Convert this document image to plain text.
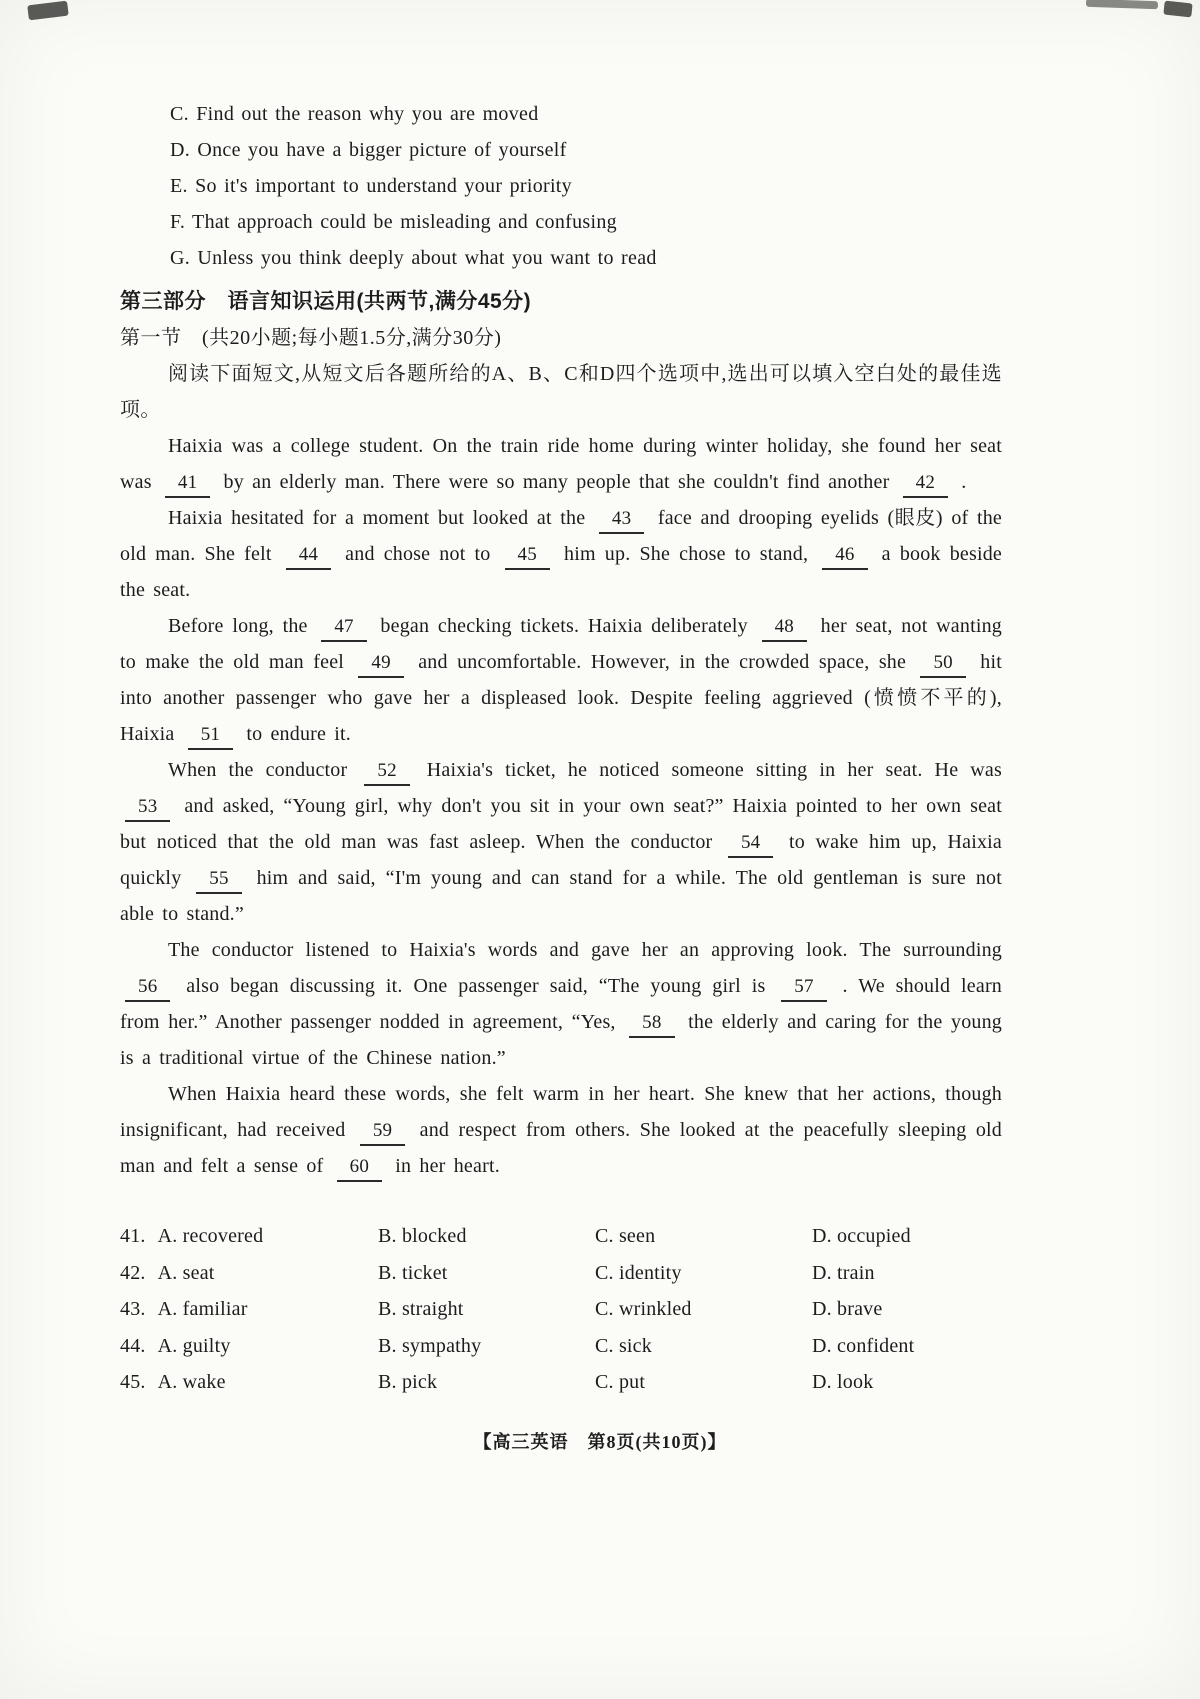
C. Find out the reason why you are moved
D. Once you have a bigger picture of yourself
E. So it's important to understand your priority
F. That approach could be misleading and confusing
G. Unless you think deeply about what you want to read
第三部分　语言知识运用(共两节,满分45分)
第一节　(共20小题;每小题1.5分,满分30分)
阅读下面短文,从短文后各题所给的A、B、C和D四个选项中,选出可以填入空白处的最佳选项。

Haixia was a college student. On the train ride home during winter holiday, she found her seat was 41 by an elderly man. There were so many people that she couldn't find another 42 .

Haixia hesitated for a moment but looked at the 43 face and drooping eyelids (眼皮) of the old man. She felt 44 and chose not to 45 him up. She chose to stand, 46 a book beside the seat.

Before long, the 47 began checking tickets. Haixia deliberately 48 her seat, not wanting to make the old man feel 49 and uncomfortable. However, in the crowded space, she 50 hit into another passenger who gave her a displeased look. Despite feeling aggrieved (愤愤不平的), Haixia 51 to endure it.

When the conductor 52 Haixia's ticket, he noticed someone sitting in her seat. He was 53 and asked, “Young girl, why don't you sit in your own seat?” Haixia pointed to her own seat but noticed that the old man was fast asleep. When the conductor 54 to wake him up, Haixia quickly 55 him and said, “I'm young and can stand for a while. The old gentleman is sure not able to stand.”

The conductor listened to Haixia's words and gave her an approving look. The surrounding 56 also began discussing it. One passenger said, “The young girl is 57 . We should learn from her.” Another passenger nodded in agreement, “Yes, 58 the elderly and caring for the young is a traditional virtue of the Chinese nation.”

When Haixia heard these words, she felt warm in her heart. She knew that her actions, though insignificant, had received 59 and respect from others. She looked at the peacefully sleeping old man and felt a sense of 60 in her heart.

41. A. recovered	B. blocked	C. seen	D. occupied
42. A. seat	B. ticket	C. identity	D. train
43. A. familiar	B. straight	C. wrinkled	D. brave
44. A. guilty	B. sympathy	C. sick	D. confident
45. A. wake	B. pick	C. put	D. look
【高三英语　第8页(共10页)】
